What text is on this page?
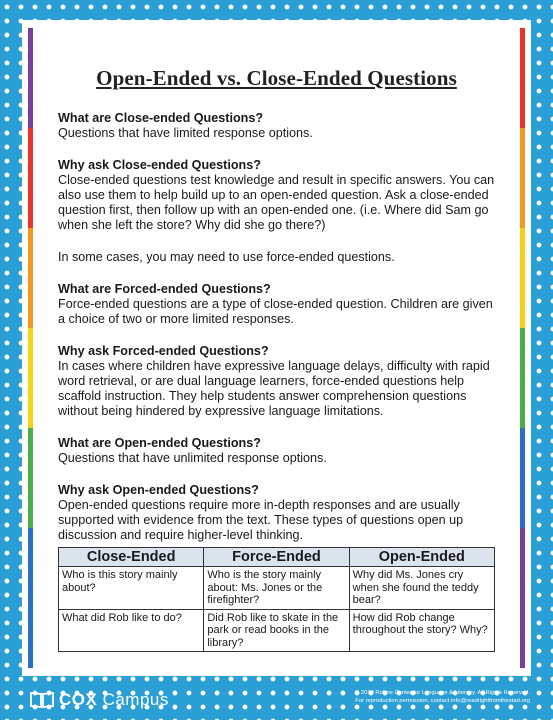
Open-Ended vs. Close-Ended Questions
What are Close-ended Questions?

Questions that have limited response options.

Why ask Close-ended Questions?

Close-ended questions test knowledge and result in specific answers. You can also use them to help build up to an open-ended question. Ask a close-ended question first, then follow up with an open-ended one. (i.e. Where did Sam go when she left the store? Why did she go there?)

In some cases, you may need to use force-ended questions.

What are Forced-ended Questions?

Force-ended questions are a type of close-ended question. Children are given a choice of two or more limited responses.

Why ask Forced-ended Questions?

In cases where children have expressive language delays, difficulty with rapid word retrieval, or are dual language learners, force-ended questions help scaffold instruction. They help students answer comprehension questions without being hindered by expressive language limitations.

What are Open-ended Questions?

Questions that have unlimited response options.

Why ask Open-ended Questions?

Open-ended questions require more in-depth responses and are usually supported with evidence from the text. These types of questions open up discussion and require higher-level thinking.

Close-Ended	Force-Ended	Open-Ended
Who is this story mainly about?	Who is the story mainly about: Ms. Jones or the firefighter?	Why did Ms. Jones cry when she found the teddy bear?
What did Rob like to do?	Did Rob like to skate in the park or read books in the library?	How did Rob change throughout the story? Why?
COX Campus	© 2019 Rollins Center for Language & Literacy. All Rights Reserved.
For reproduction permission, contact info@readrightfromthestart.org
